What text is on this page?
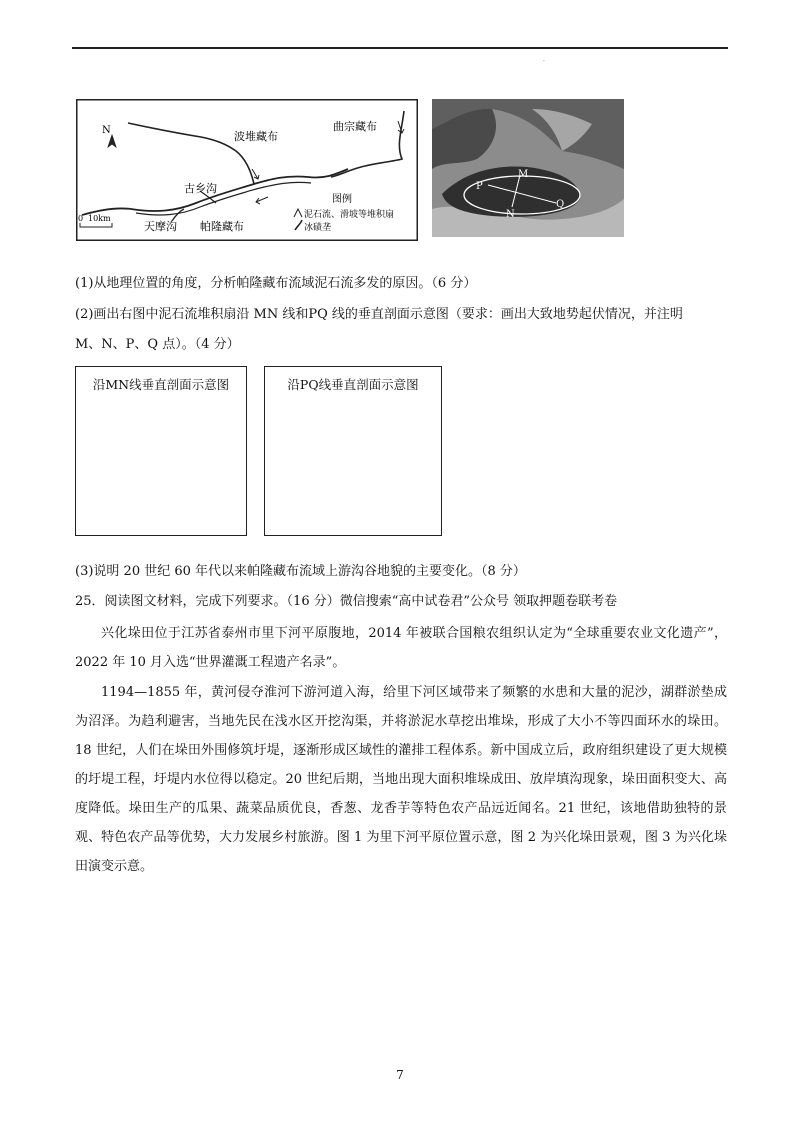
·
N	波堆藏布
曲宗藏布
古乡沟
天摩沟 帕隆藏布
0 10km
图例
泥石流、滑坡等堆积扇
冰碛垄
P
M
N
Q
(1)从地理位置的角度，分析帕隆藏布流域泥石流多发的原因。（6 分）
(2)画出右图中泥石流堆积扇沿 MN 线和PQ 线的垂直剖面示意图（要求：画出大致地势起伏情况，并注明
M、N、P、Q 点）。（4 分）
沿MN线垂直剖面示意图	沿PQ线垂直剖面示意图
(3)说明 20 世纪 60 年代以来帕隆藏布流域上游沟谷地貌的主要变化。（8 分）
25．阅读图文材料，完成下列要求。（16 分）微信搜索“高中试卷君”公众号 领取押题卷联考卷
兴化垛田位于江苏省泰州市里下河平原腹地，2014 年被联合国粮农组织认定为“全球重要农业文化遗产”，2022 年 10 月入选“世界灌溉工程遗产名录”。
1194—1855 年，黄河侵夺淮河下游河道入海，给里下河区域带来了频繁的水患和大量的泥沙，湖群淤垫成为沼泽。为趋利避害，当地先民在浅水区开挖沟渠，并将淤泥水草挖出堆垛，形成了大小不等四面环水的垛田。18 世纪，人们在垛田外围修筑圩堤，逐渐形成区域性的灌排工程体系。新中国成立后，政府组织建设了更大规模的圩堤工程，圩堤内水位得以稳定。20 世纪后期，当地出现大面积堆垛成田、放岸填沟现象，垛田面积变大、高度降低。垛田生产的瓜果、蔬菜品质优良，香葱、龙香芋等特色农产品远近闻名。21 世纪，该地借助独特的景观、特色农产品等优势，大力发展乡村旅游。图 1 为里下河平原位置示意，图 2 为兴化垛田景观，图 3 为兴化垛田演变示意。
7
